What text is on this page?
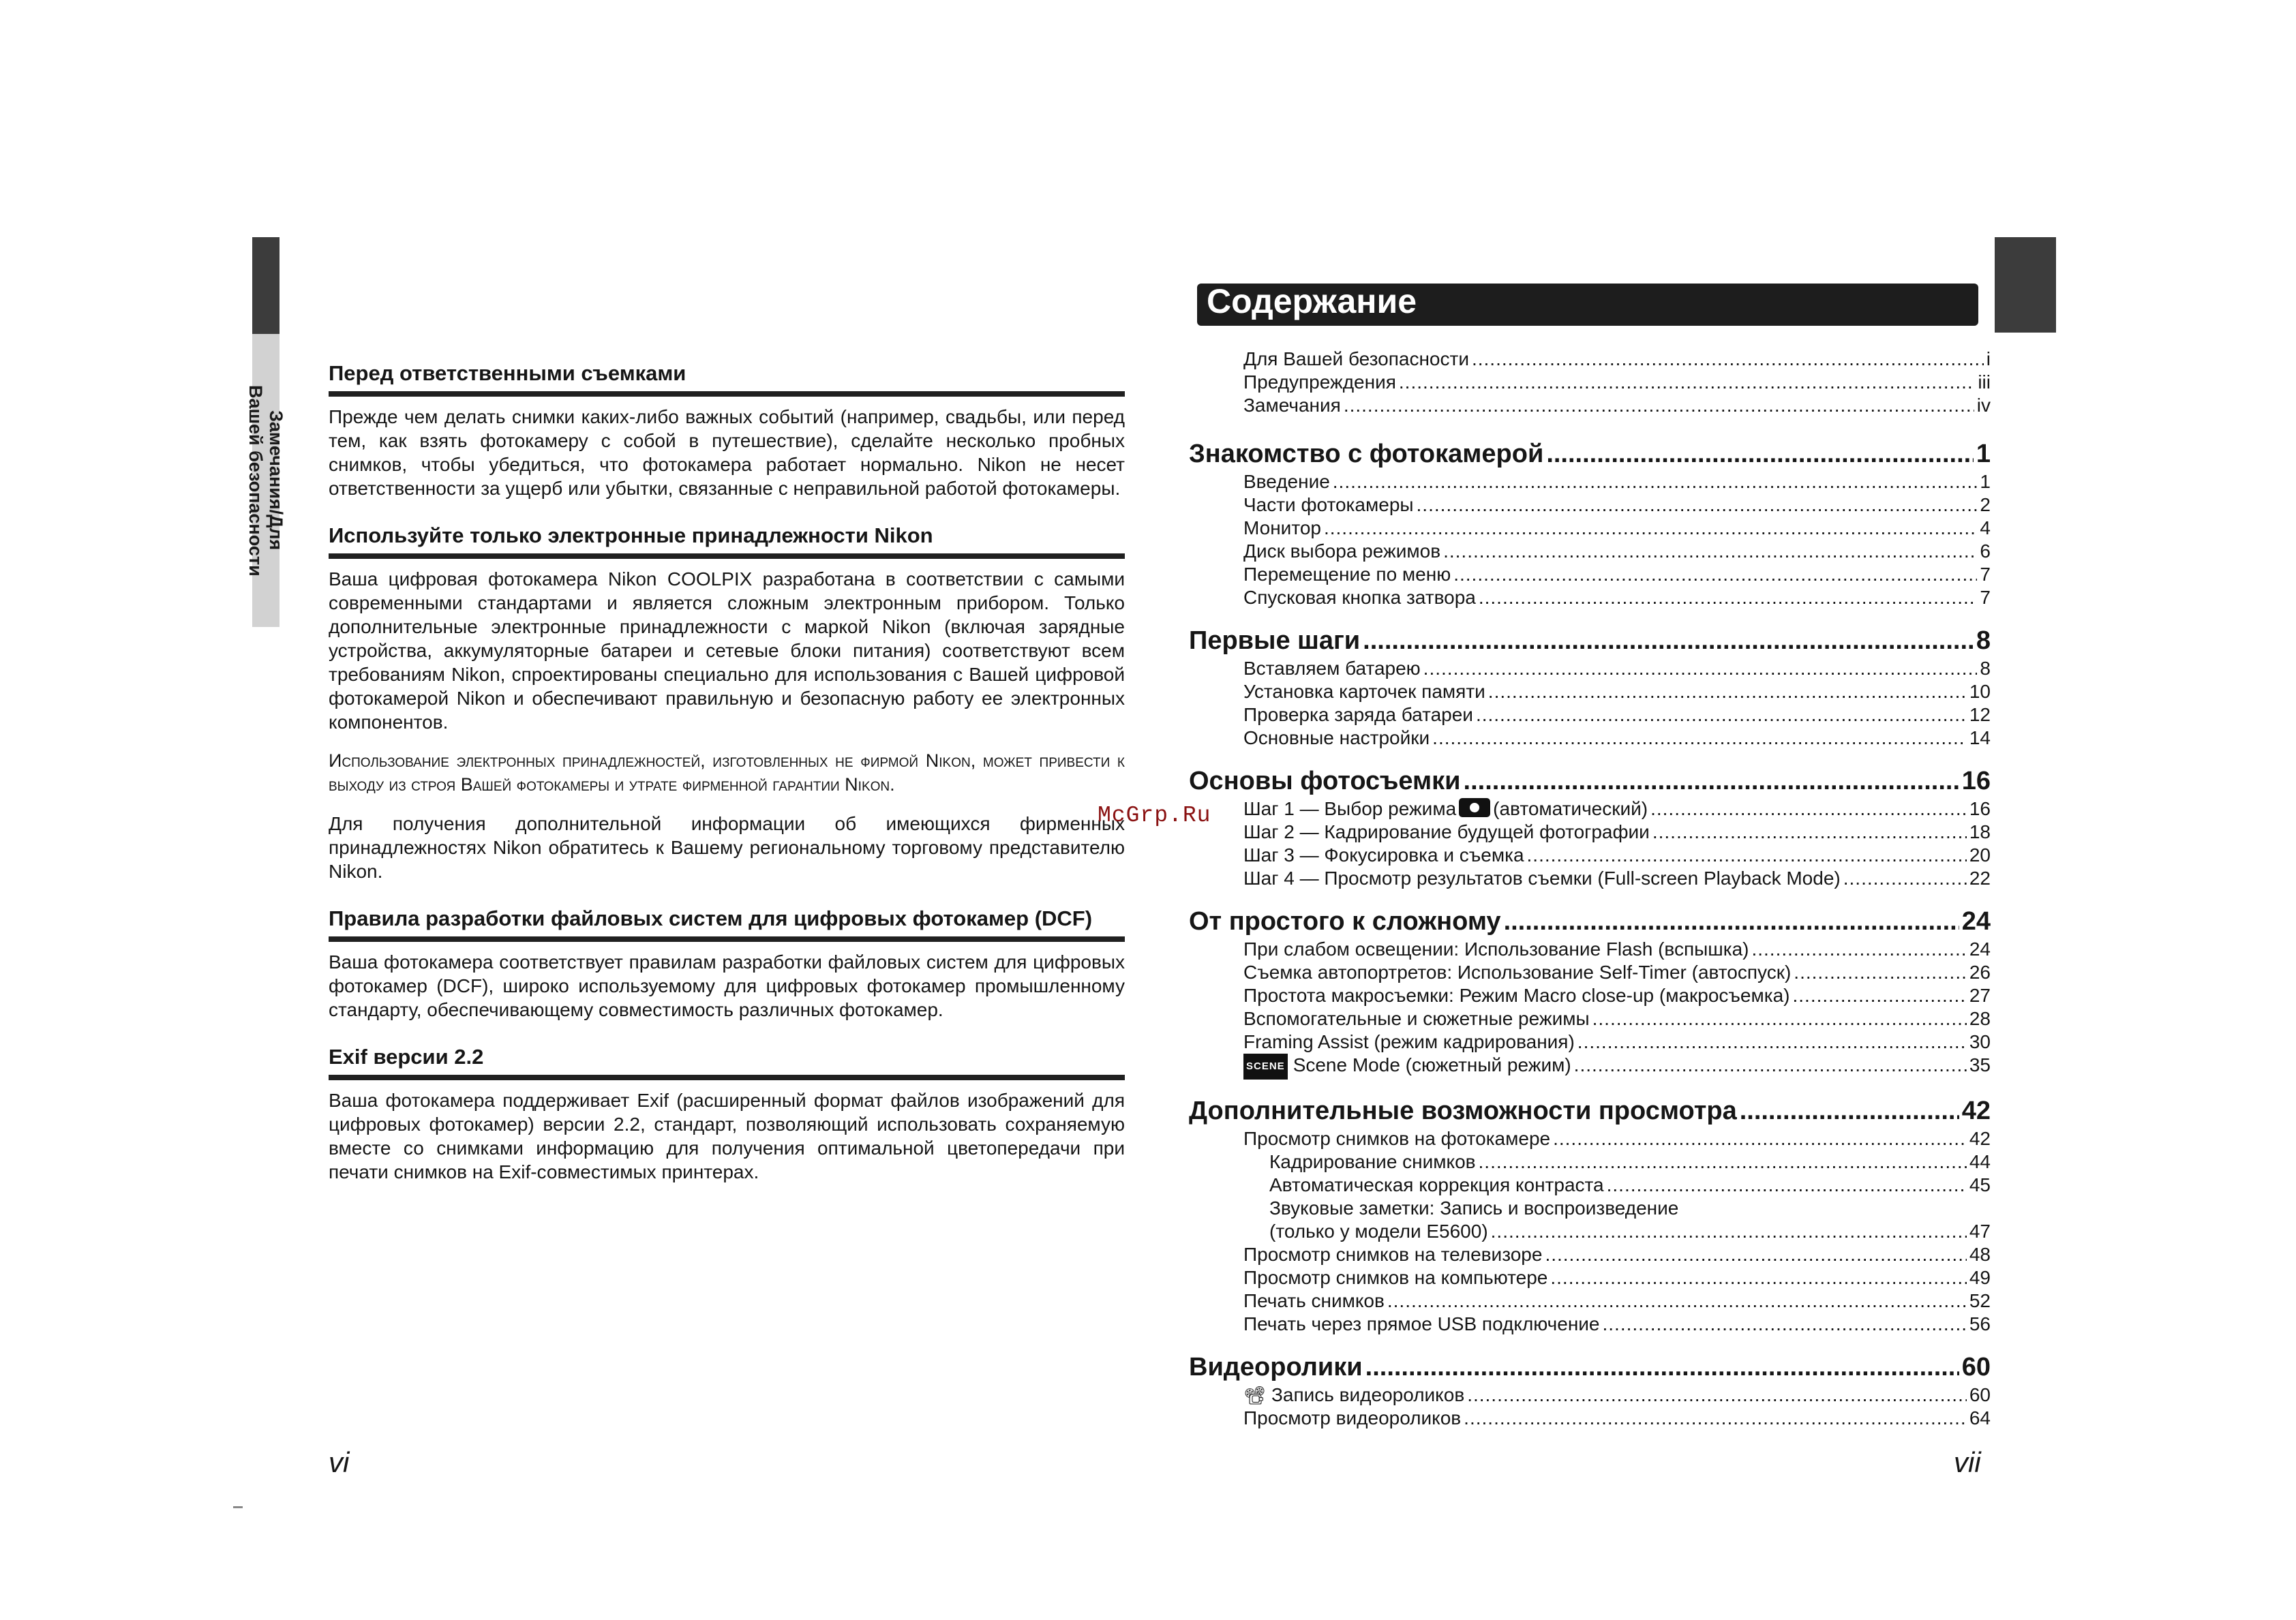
Замечания/Для
Вашей безопасности
Перед ответственными съемками

Прежде чем делать снимки каких-либо важных событий (например, свадьбы, или перед тем, как взять фотокамеру с собой в путешествие), сделайте несколько пробных снимков, чтобы убедиться, что фотокамера работает нормально. Nikon не несет ответственности за ущерб или убытки, связанные с неправильной работой фотокамеры.

Используйте только электронные принадлежности Nikon

Ваша цифровая фотокамера Nikon COOLPIX разработана в соответствии с самыми современными стандартами и является сложным электронным прибором. Только дополнительные электронные принадлежности с маркой Nikon (включая зарядные устройства, аккумуляторные батареи и сетевые блоки питания) соответствуют всем требованиям Nikon, спроектированы специально для использования с Вашей цифровой фотокамерой Nikon и обеспечивают правильную и безопасную работу ее электронных компонентов.

Использование электронных принадлежностей, изготовленных не фирмой Nikon, может привести к выходу из строя Вашей фотокамеры и утрате фирменной гарантии Nikon.

Для получения дополнительной информации об имеющихся фирменных принадлежностях Nikon обратитесь к Вашему региональному торговому представителю Nikon.

Правила разработки файловых систем для цифровых фотокамер (DCF)

Ваша фотокамера соответствует правилам разработки файловых систем для цифровых фотокамер (DCF), широко используемому для цифровых фотокамер промышленному стандарту, обеспечивающему совместимость различных фотокамер.

Exif версии 2.2

Ваша фотокамера поддерживает Exif (расширенный формат файлов изображений для цифровых фотокамер) версии 2.2, стандарт, позволяющий использовать сохраняемую вместе со снимками информацию для получения оптимальной цветопередачи при печати снимков на Exif-совместимых принтерах.

vi
Содержание
Для Вашей безопасности .....	i
Предупреждения .....	iii
Замечания .....	iv
Знакомство с фотокамерой .....	1
Введение .....	1
Части фотокамеры .....	2
Монитор .....	4
Диск выбора режимов .....	6
Перемещение по меню .....	7
Спусковая кнопка затвора .....	7
Первые шаги .....	8
Вставляем батарею .....	8
Установка карточек памяти .....	10
Проверка заряда батареи .....	12
Основные настройки .....	14
Основы фотосъемки .....	16
Шаг 1 — Выбор режима (автоматический) .....	16
Шаг 2 — Кадрирование будущей фотографии .....	18
Шаг 3 — Фокусировка и съемка .....	20
Шаг 4 — Просмотр результатов съемки (Full-screen Playback Mode) .....	22
От простого к сложному .....	24
При слабом освещении: Использование Flash (вспышка) .....	24
Съемка автопортретов: Использование Self-Timer (автоспуск) .....	26
Простота макросъемки: Режим Macro close-up (макросъемка) .....	27
Вспомогательные и сюжетные режимы .....	28
Framing Assist (режим кадрирования) .....	30
SCENE Scene Mode (сюжетный режим) .....	35
Дополнительные возможности просмотра .....	42
Просмотр снимков на фотокамере .....	42
Кадрирование снимков .....	44
Автоматическая коррекция контраста .....	45
Звуковые заметки: Запись и воспроизведение
(только у модели E5600) .....	47
Просмотр снимков на телевизоре .....	48
Просмотр снимков на компьютере .....	49
Печать снимков .....	52
Печать через прямое USB подключение .....	56
Видеоролики .....	60
📽 Запись видеороликов .....	60
Просмотр видеороликов .....	64
McGrp.Ru
vii
